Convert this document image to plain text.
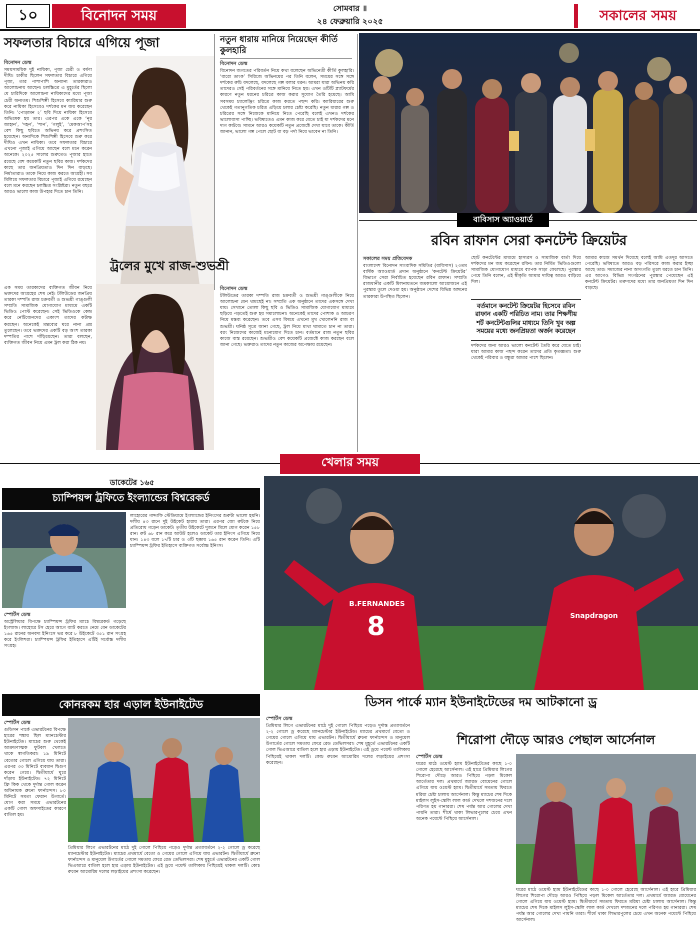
১০	বিনোদন সময়	সোমবার ॥
২৪ ফেব্রুয়ারি ২০২৫	সকালের সময়
সফলতার বিচারে এগিয়ে পূজা
বিনোদন ডেস্ক
সময়সাময়িক দুই নায়িকা, পূজা চেরী ও বর্ষণা দীঘি। চাকীর ছিলেন সফলতার বিচারে এগিয়ে পূজা, তার পাশাপাশি অন্যান্য তারকারাও আলোচনায় আছেন। চলচ্চিত্রে এ মুহূর্তের ছিলো যে চারিদিকে আলোচনা নায়িকাদের মধ্যে পূজা চেরী অন্যতম। শিশুশিল্পী হিসেবে ক্যারিয়ার শুরু করে নায়িকা হিসেবেও দর্শকের মন জয় করেছেন তিনি। ‘পোড়ামন ২’ ছবি দিয়ে নায়িকা হিসেবে অভিষেক হয় তার। এরপর একে একে ‘নূর জাহান’, ‘দহন’, ‘শান’, ‘গলুই’, ‘মেকআপ’সহ বেশ কিছু ছবিতে অভিনয় করে প্রশংসিত হয়েছেন। অন্যদিকে শিশুশিল্পী হিসেবে শুরু করে দীঘিও এখন নায়িকা। তবে সফলতার বিচারে এখনো পূজাই এগিয়ে আছেন বলে মনে করেন অনেকে। ২০২৫ সালের শুরুতেও পূজার হাতে রয়েছে বেশ কয়েকটি নতুন ছবির কাজ। দর্শকদের কাছে তার জনপ্রিয়তাও দিন দিন বাড়ছে। নির্মাতারাও তাকে নিয়ে কাজ করতে আগ্রহী। সব মিলিয়ে সফলতার বিচারে পূজাই এগিয়ে রয়েছেন বলে মনে করছেন চলচ্চিত্র সংশ্লিষ্টরা। নতুন বছরে আরও ভালো কাজ উপহার দিতে চান তিনি।
নতুন ধারায় মানিয়ে নিয়েছেন কীর্তি কুলহারি
বিনোদন ডেস্ক
বিনোদন জগতের পরিবর্তন নিয়ে কথা বলেছেন অভিনেত্রী কীর্তি কুলহারি। ‘বারো ডাংক’ সিরিজে অভিনয়ের পর তিনি বলেন, সময়ের সঙ্গে সঙ্গে দর্শকের রুচি বদলেছে, বদলেছে গল্প বলার ধরন। আমরা যারা অভিনয় করি তাদেরও সেই পরিবর্তনের সঙ্গে মানিয়ে নিতে হয়। এখন ওটিটি প্ল্যাটফর্মের কারণে নতুন ধরনের চরিত্রে কাজ করার সুযোগ তৈরি হয়েছে। আমি সবসময় চ্যালেঞ্জিং চরিত্রে কাজ করতে পছন্দ করি। ক্যারিয়ারের শুরু থেকেই গতানুগতিক চরিত্র এড়িয়ে চলার চেষ্টা করেছি। নতুন ধারার গল্প ও চরিত্রের সঙ্গে নিজেকে মানিয়ে নিতে পেরেছি বলেই এখনও দর্শকের ভালোবাসা পাচ্ছি। ভবিষ্যতেও এমন কাজ করে যেতে চাই যা দর্শকদের মনে দাগ কাটবে। সামনে আরও কয়েকটি নতুন প্রজেক্টে দেখা যাবে তাকে। কীর্তি জানান, ভালো গল্প পেলে ছোট বা বড় পর্দা নিয়ে ভাবেন না তিনি।
বাবিসাস অ্যাওয়ার্ড
ট্রলের মুখে রাজ-শুভশ্রী
এক সময় তারকাদের ব্যক্তিগত জীবন নিয়ে ভক্তদের আগ্রহের শেষ নেই। টলিউডের জনপ্রিয় তারকা দম্পতি রাজ চক্রবর্তী ও শুভশ্রী গাঙ্গুলী সম্প্রতি সামাজিক যোগাযোগ মাধ্যমে একটি ভিডিও পোস্ট করেছেন। সেই ভিডিওকে কেন্দ্র করে নেটিজেনদের একাংশ তাদের কটাক্ষ করছেন। অনেকেই মন্তব্যের ঘরে নানা প্রশ্ন তুলেছেন। তবে ভক্তদের একটি বড় অংশ তারকা দম্পতির পাশে দাঁড়িয়েছেন। তারা বলছেন, ব্যক্তিগত জীবন নিয়ে এমন ট্রল করা ঠিক নয়।
বিনোদন ডেস্ক
টলিউডের তারকা দম্পতি রাজ চক্রবর্তী ও শুভশ্রী গাঙ্গুলীকে নিয়ে আলোচনা যেন থামছেই না। সম্প্রতি এক অনুষ্ঠানে তাদের একসঙ্গে দেখা যায়। সেখানে তোলা কিছু ছবি ও ভিডিও সামাজিক যোগাযোগ মাধ্যমে ছড়িয়ে পড়তেই শুরু হয় সমালোচনা। অনেকেই তাদের পোশাক ও আচরণ নিয়ে মন্তব্য করেছেন। তবে এসব বিষয়ে এখনো মুখ খোলেননি রাজ বা শুভশ্রী। ঘনিষ্ঠ সূত্রে জানা গেছে, ট্রল নিয়ে মাথা ঘামাতে চান না তারা। বরং নিজেদের কাজেই মনোযোগ দিতে চান। বর্তমানে রাজ নতুন ছবির কাজে ব্যস্ত রয়েছেন। শুভশ্রীও বেশ কয়েকটি প্রজেক্টে কাজ করছেন বলে জানা গেছে। ভক্তরাও তাদের নতুন কাজের অপেক্ষায় রয়েছেন।
রবিন রাফান সেরা কনটেন্ট ক্রিয়েটর
সকালের সময় প্রতিবেদক
বাংলাদেশ বিনোদন সাংবাদিক সমিতির (বাবিসাস) ২৩তম বার্ষিক অ্যাওয়ার্ড প্রদান অনুষ্ঠানে ‘কনটেন্ট ক্রিয়েটর’ বিভাগে সেরা নির্বাচিত হয়েছেন রবিন রাফান। সম্প্রতি রাজধানীর একটি মিলনায়তনে জমকালো আয়োজনে এই পুরস্কার তুলে দেওয়া হয়। অনুষ্ঠানে দেশের বিভিন্ন অঙ্গনের তারকারা উপস্থিত ছিলেন।
ছোট কনটেন্টের মাধ্যমে হাস্যরস ও সামাজিক বার্তা দিয়ে দর্শকদের মন জয় করেছেন রবিন। তার নির্মিত ভিডিওগুলো সামাজিক যোগাযোগ মাধ্যমে ব্যাপক সাড়া ফেলেছে। পুরস্কার পেয়ে তিনি বলেন, এই স্বীকৃতি আমার দায়িত্ব আরও বাড়িয়ে দিল।
বর্তমানে কনটেন্ট ক্রিয়েটর হিসেবে রবিন রাফান একটি পরিচিত নাম। তার শিক্ষণীয় শর্ট কনটেন্টগুলির মাধ্যমে তিনি খুব অল্প সময়ের মধ্যে জনপ্রিয়তা অর্জন করেছেন
দর্শকদের জন্য আরও ভালো কনটেন্ট তৈরি করে যেতে চাই। যারা আমার কাজ পছন্দ করেন তাদের প্রতি কৃতজ্ঞতা। শুরু থেকেই পরিবার ও বন্ধুরা আমার পাশে ছিলেন।
আমার কাজে সমর্থন দিয়েছে বলেই আমি এতদূর আসতে পেরেছি। ভবিষ্যতে আরও বড় পরিসরে কাজ করার ইচ্ছা আছে তার। সমাজের নানা অসংগতি তুলে ধরতে চান তিনি। এর আগেও বিভিন্ন সংগঠনের পুরস্কার পেয়েছেন এই কনটেন্ট ক্রিয়েটর। তরুণদের মধ্যে তার জনপ্রিয়তা দিন দিন বাড়ছে।
খেলার সময়
ডাকেটের ১৬৫
চ্যাম্পিয়ন্স ট্রফিতে ইংল্যান্ডের বিশ্বরেকর্ড
লাহোরের গাদ্দাফি স্টেডিয়ামে ইংল্যান্ডের ইনিংসের শুরুটা ভালো হয়নি। দলীয় ৪৩ রানে দুই উইকেট হারায় তারা। এরপর জো রুটকে নিয়ে প্রতিরোধ গড়েন ডাকেট। তৃতীয় উইকেটে দুজনে মিলে যোগ করেন ১৫৮ রান। রুট ৬৮ রান করে আউট হলেও ডাকেট তার ইনিংস এগিয়ে নিয়ে যান। ১৪৩ বলে ১৭টি চার ও ৩টি ছক্কায় ১৬৫ রান করেন তিনি। এটি চ্যাম্পিয়ন্স ট্রফির ইতিহাসে ব্যক্তিগত সর্বোচ্চ ইনিংস।
স্পোর্টস ডেস্ক
অস্ট্রেলিয়ার বিপক্ষে চ্যাম্পিয়ন্স ট্রফির ম্যাচে বিশ্বরেকর্ড গড়েছে ইংল্যান্ড। লাহোরে টস হেরে আগে ব্যাট করতে নেমে বেন ডাকেটের ১৬৫ রানের অনবদ্য ইনিংসে ভর করে ৮ উইকেটে ৩৫১ রান সংগ্রহ করে ইংলিশরা। চ্যাম্পিয়ন্স ট্রফির ইতিহাসে এটিই সর্বোচ্চ দলীয় সংগ্রহ।
8
B.FERNANDES
Snapdragon
ডিসন পার্কে ম্যান ইউনাইটেডের দম আটকানো ড্র
কোনরকম হার এড়াল ইউনাইটেড
স্পোর্টস ডেস্ক
গুডিসন পার্কে এভারটনের বিপক্ষে হারের শঙ্কায় ছিল ম্যানচেস্টার ইউনাইটেড। ম্যাচের শুরু থেকেই আক্রমণাত্মক ফুটবল খেলতে থাকে স্বাগতিকরা। ১৯ মিনিটে বেতোর গোলে এগিয়ে যায় তারা। এরপর ৩৩ মিনিটে ব্যবধান দ্বিগুণ করেন গেয়ে। দ্বিতীয়ার্ধে ঘুরে দাঁড়ায় ইউনাইটেড। ৭২ মিনিটে ফ্রি কিক থেকে দুর্দান্ত গোল করেন অধিনায়ক ব্রুনো ফার্নান্দেস। ৮০ মিনিটে সমতা ফেরান উগার্তে। যোগ করা সময়ে এভারটনের একটি গোল অফসাইডের কারণে বাতিল হয়।
প্রিমিয়ার লিগে এভারটনের মাঠে দুই গোলে পিছিয়ে পড়েও দুর্দান্ত প্রত্যাবর্তনে ২-২ গোলে ড্র করেছে ম্যানচেস্টার ইউনাইটেড। ম্যাচের প্রথমার্ধে বেতো ও গেয়ের গোলে এগিয়ে যায় এভারটন। দ্বিতীয়ার্ধে ব্রুনো ফার্নান্দেস ও মানুয়েল উগার্তের গোলে সমতায় ফেরে রেড ডেভিলসরা। শেষ মুহূর্তে এভারটনের একটি গোল ভিএআরে বাতিল হলে হার এড়ায় ইউনাইটেড। এই ড্রয়ে পয়েন্ট তালিকায় পিছিয়েই থাকল দলটি। কোচ রুবেন আমোরিম দলের লড়াইয়ের প্রশংসা করেছেন।
স্পোর্টস ডেস্ক
প্রিমিয়ার লিগে এভারটনের মাঠে দুই গোলে পিছিয়ে পড়েও দুর্দান্ত প্রত্যাবর্তনে ২-২ গোলে ড্র করেছে ম্যানচেস্টার ইউনাইটেড। ম্যাচের প্রথমার্ধে বেতো ও গেয়ের গোলে এগিয়ে যায় এভারটন। দ্বিতীয়ার্ধে ব্রুনো ফার্নান্দেস ও মানুয়েল উগার্তের গোলে সমতায় ফেরে রেড ডেভিলসরা। শেষ মুহূর্তে এভারটনের একটি গোল ভিএআরে বাতিল হলে হার এড়ায় ইউনাইটেড। এই ড্রয়ে পয়েন্ট তালিকায় পিছিয়েই থাকল দলটি। কোচ রুবেন আমোরিম দলের লড়াইয়ের প্রশংসা করেছেন।
শিরোপা দৌড়ে আরও পেছাল আর্সেনাল
স্পোর্টস ডেস্ক
ঘরের মাঠে ওয়েস্ট হ্যাম ইউনাইটেডের কাছে ১-০ গোলে হেরেছে আর্সেনাল। এই হারে প্রিমিয়ার লিগের শিরোপা দৌড়ে আরও পিছিয়ে পড়ল মিকেল আর্তেতার দল। প্রথমার্ধে জ্যারড বোয়েনের গোলে এগিয়ে যায় ওয়েস্ট হ্যাম। দ্বিতীয়ার্ধে সমতায় ফিরতে মরিয়া চেষ্টা চালায় আর্সেনাল। কিন্তু ম্যাচের শেষ দিকে মাইলস লুইস-স্কেলি লাল কার্ড দেখলে দশজনের দলে পরিণত হয় গানাররা। শেষ পর্যন্ত আর গোলের দেখা পায়নি তারা। শীর্ষে থাকা লিভারপুলের চেয়ে এখন অনেক পয়েন্টে পিছিয়ে আর্সেনাল।
ঘরের মাঠে ওয়েস্ট হ্যাম ইউনাইটেডের কাছে ১-০ গোলে হেরেছে আর্সেনাল। এই হারে প্রিমিয়ার লিগের শিরোপা দৌড়ে আরও পিছিয়ে পড়ল মিকেল আর্তেতার দল। প্রথমার্ধে জ্যারড বোয়েনের গোলে এগিয়ে যায় ওয়েস্ট হ্যাম। দ্বিতীয়ার্ধে সমতায় ফিরতে মরিয়া চেষ্টা চালায় আর্সেনাল। কিন্তু ম্যাচের শেষ দিকে মাইলস লুইস-স্কেলি লাল কার্ড দেখলে দশজনের দলে পরিণত হয় গানাররা। শেষ পর্যন্ত আর গোলের দেখা পায়নি তারা। শীর্ষে থাকা লিভারপুলের চেয়ে এখন অনেক পয়েন্টে পিছিয়ে আর্সেনাল।
